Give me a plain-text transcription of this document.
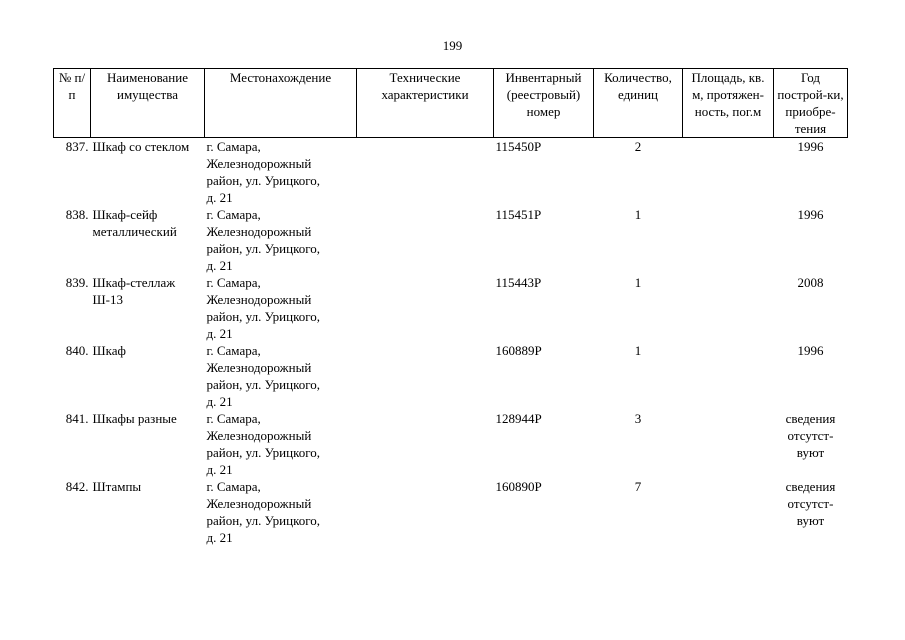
199
№ п/п	Наименование имущества	Местонахождение	Технические характеристики	Инвентарный (реестровый) номер	Количество, единиц	Площадь, кв. м, протяжен-ность, пог.м	Год построй-ки, приобре-тения
837.	Шкаф со стеклом	г. Самара,
Железнодорожный
район, ул. Урицкого,
д. 21		115450Р	2		1996

838.	Шкаф-сейф металлический	г. Самара,
Железнодорожный
район, ул. Урицкого,
д. 21		115451Р	1		1996

839.	Шкаф-стеллаж Ш-13	г. Самара,
Железнодорожный
район, ул. Урицкого,
д. 21		115443Р	1		2008

840.	Шкаф	г. Самара,
Железнодорожный
район, ул. Урицкого,
д. 21		160889Р	1		1996

841.	Шкафы разные	г. Самара,
Железнодорожный
район, ул. Урицкого,
д. 21		128944Р	3		сведения
отсутст-
вуют

842.	Штампы	г. Самара,
Железнодорожный
район, ул. Урицкого,
д. 21		160890Р	7		сведения
отсутст-
вуют
